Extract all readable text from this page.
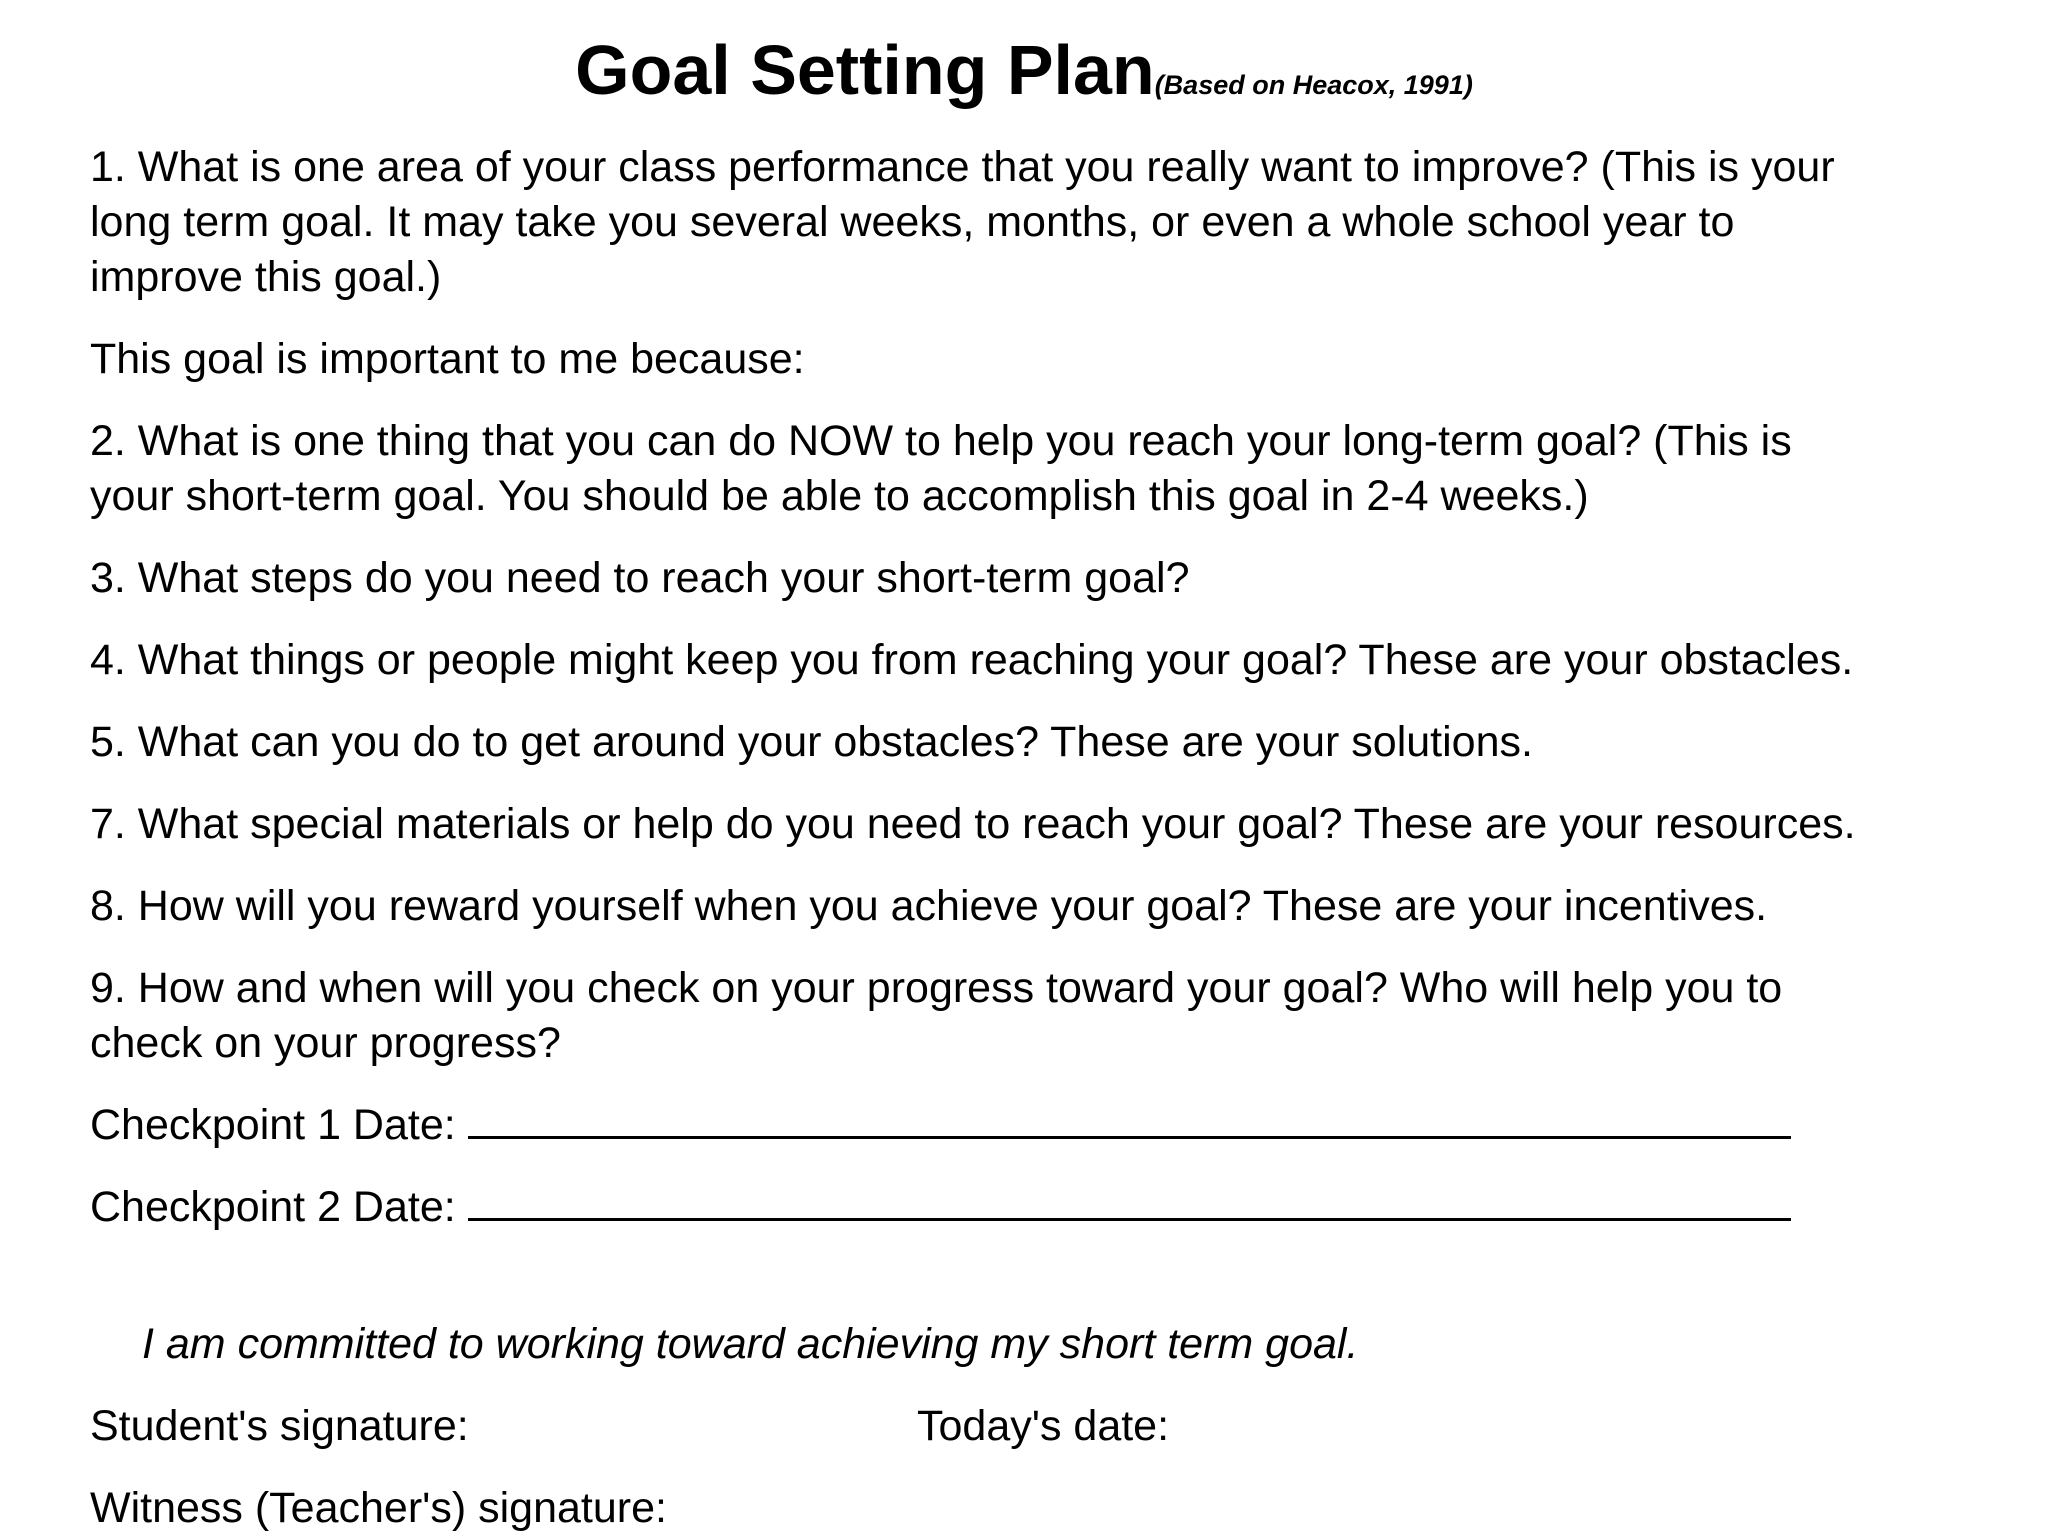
Goal Setting Plan(Based on Heacox, 1991)
1. What is one area of your class performance that you really want to improve? (This is your
long term goal. It may take you several weeks, months, or even a whole school year to
improve this goal.)
This goal is important to me because:
2. What is one thing that you can do NOW to help you reach your long-term goal? (This is
your short-term goal. You should be able to accomplish this goal in 2-4 weeks.)
3. What steps do you need to reach your short-term goal?
4. What things or people might keep you from reaching your goal? These are your obstacles.
5. What can you do to get around your obstacles? These are your solutions.
7. What special materials or help do you need to reach your goal? These are your resources.
8. How will you reward yourself when you achieve your goal? These are your incentives.
9. How and when will you check on your progress toward your goal? Who will help you to
check on your progress?
Checkpoint 1 Date:
Checkpoint 2 Date:
I am committed to working toward achieving my short term goal.
Student's signature:	Today's date:
Witness (Teacher's) signature:
